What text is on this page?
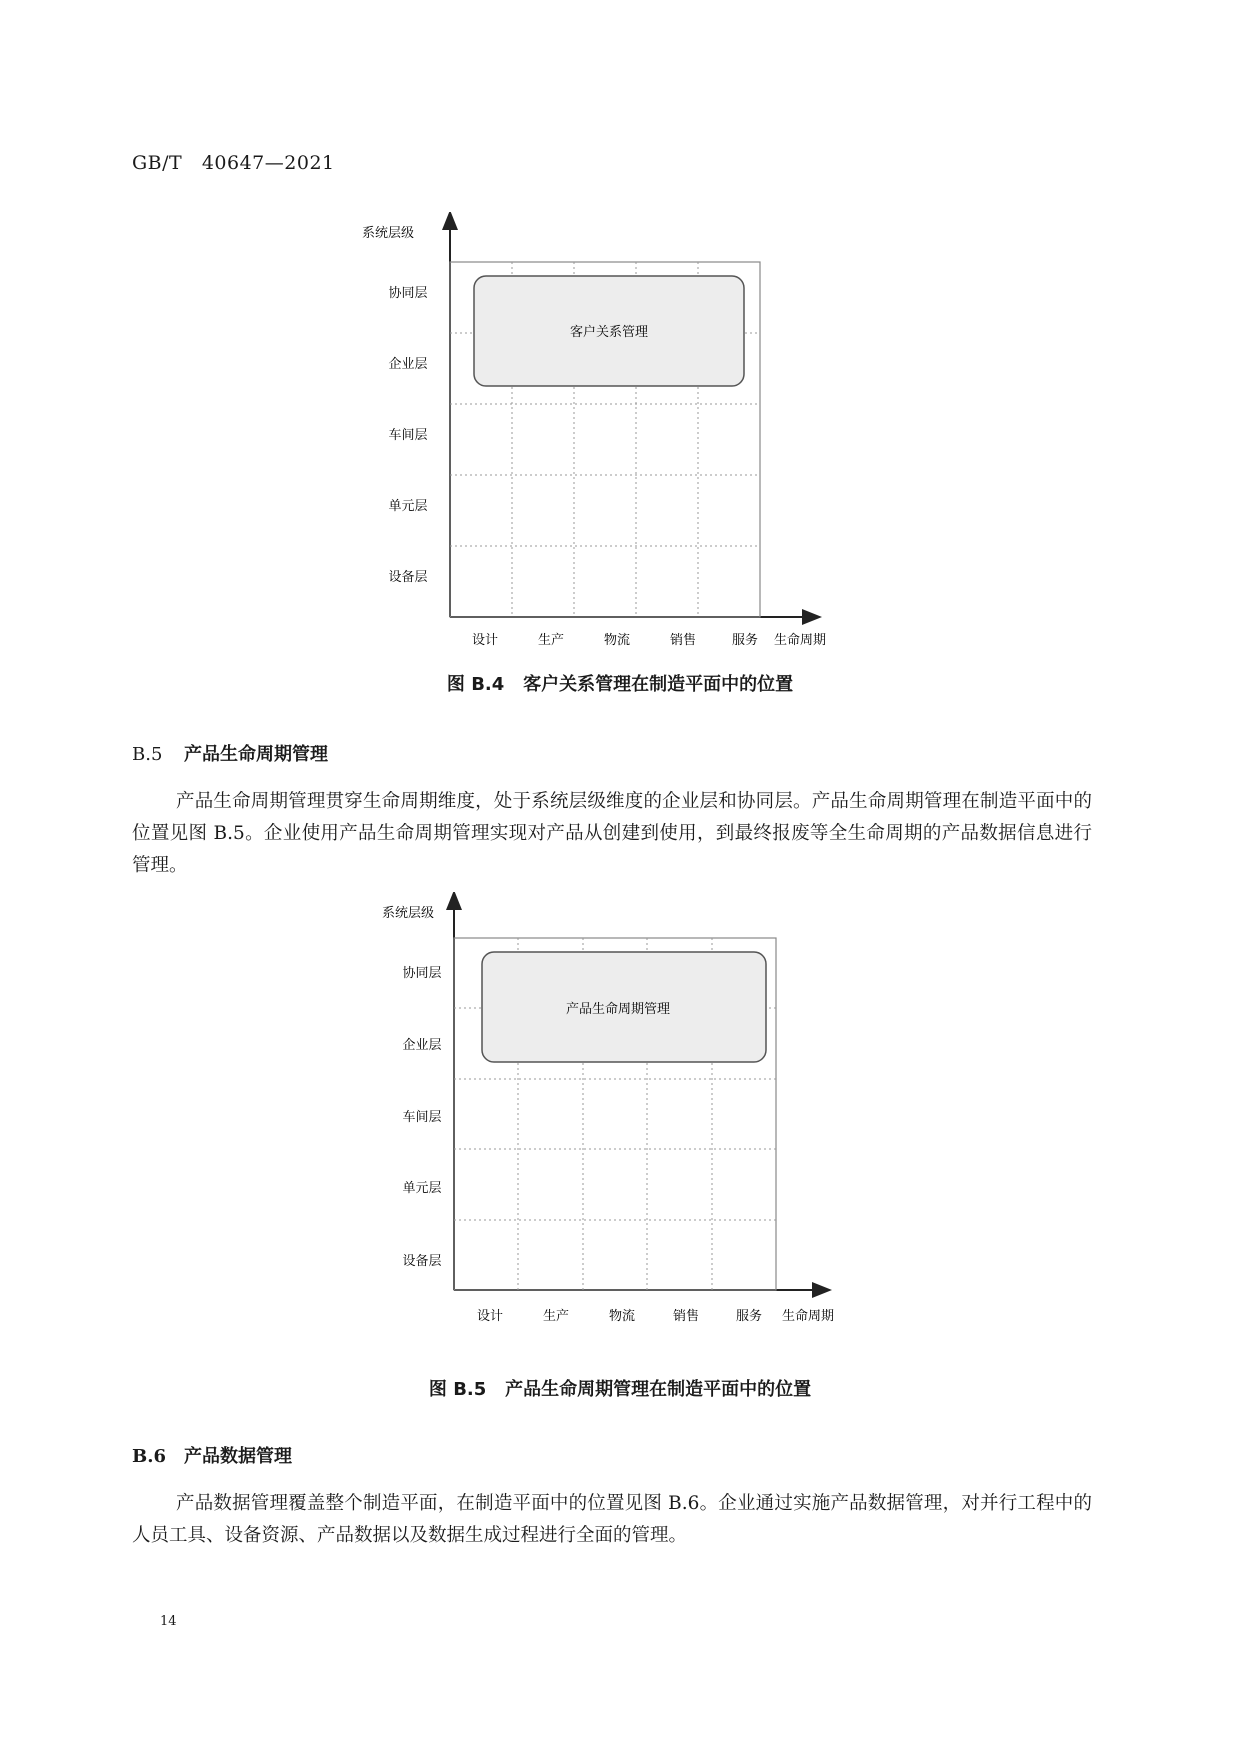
GB/T   40647—2021
系统层级
客户关系管理
协同层
企业层
车间层
单元层
设备层
设计	生产	物流	销售	服务 生命周期
图 B.4   客户关系管理在制造平面中的位置
B.5 产品生命周期管理
产品生命周期管理贯穿生命周期维度，处于系统层级维度的企业层和协同层。产品生命周期管理在制造平面中的位置见图 B.5。企业使用产品生命周期管理实现对产品从创建到使用，到最终报废等全生命周期的产品数据信息进行管理。
系统层级
产品生命周期管理
协同层
企业层
车间层
单元层
设备层
设计	生产	物流	销售	服务 生命周期
图 B.5   产品生命周期管理在制造平面中的位置
B.6 产品数据管理
产品数据管理覆盖整个制造平面，在制造平面中的位置见图 B.6。企业通过实施产品数据管理，对并行工程中的人员工具、设备资源、产品数据以及数据生成过程进行全面的管理。
14
